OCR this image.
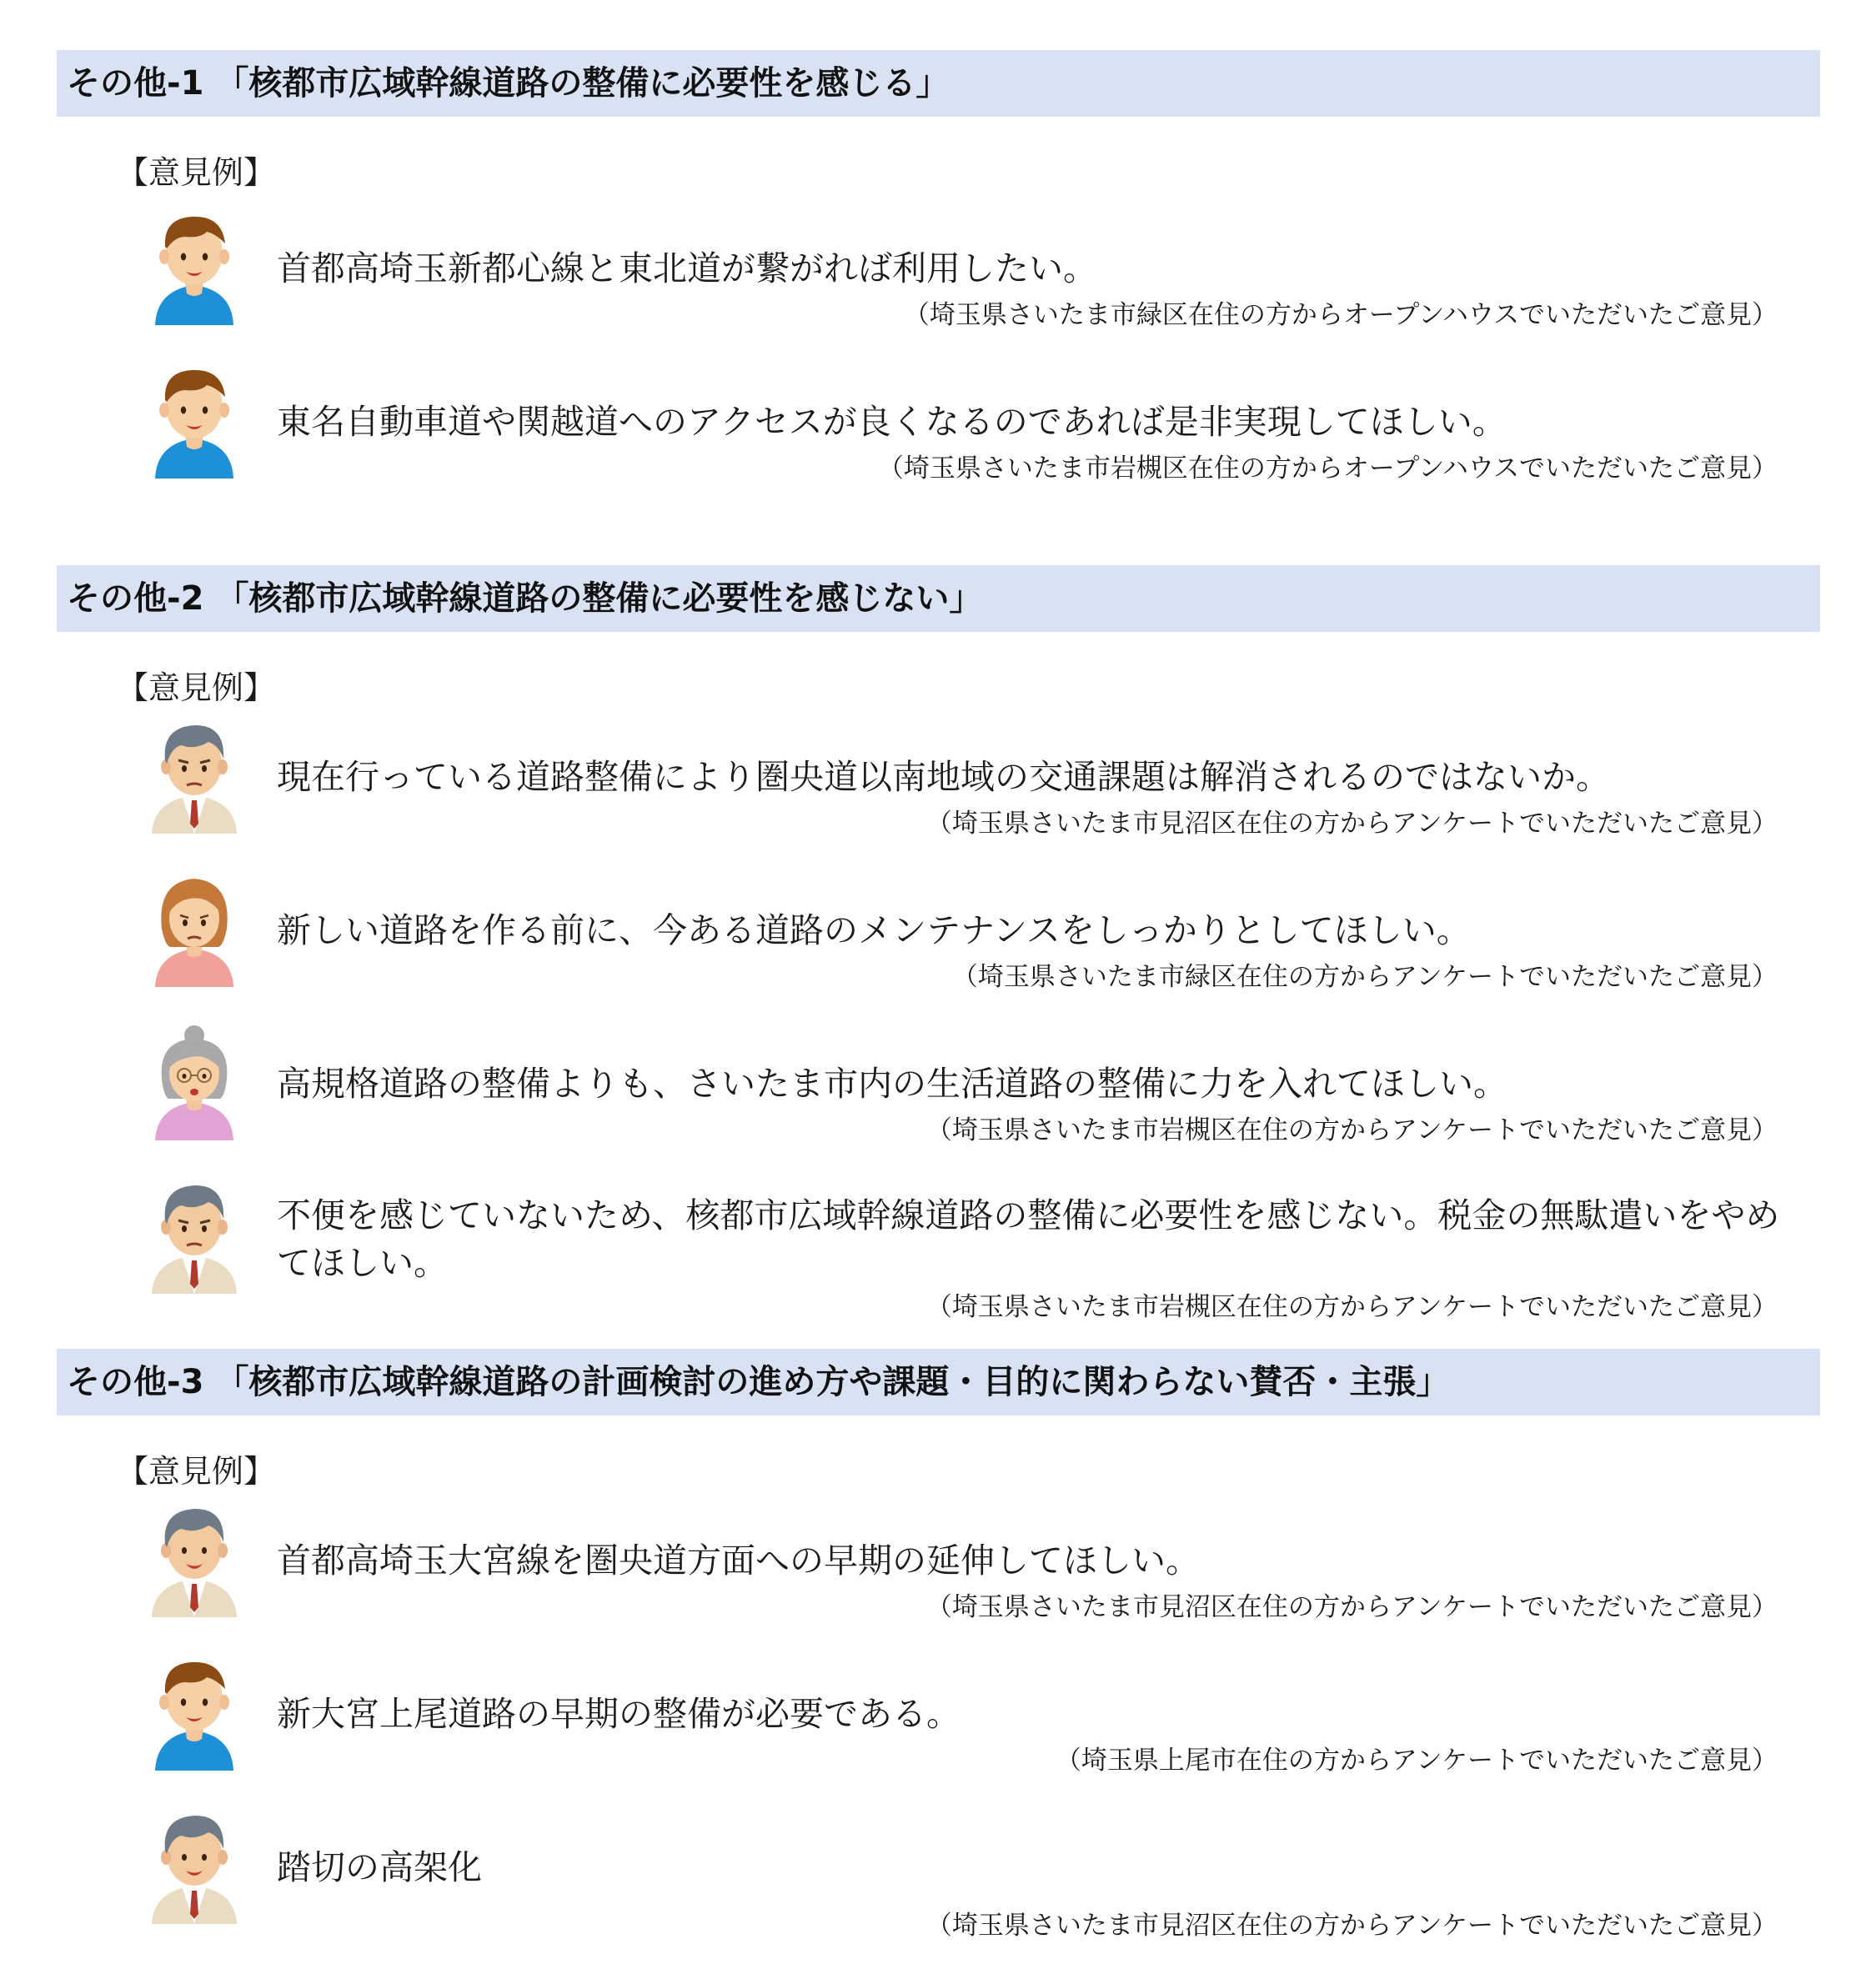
その他-1 「核都市広域幹線道路の整備に必要性を感じる」
【意見例】
首都高埼玉新都心線と東北道が繋がれば利用したい。
（埼玉県さいたま市緑区在住の方からオープンハウスでいただいたご意見）
東名自動車道や関越道へのアクセスが良くなるのであれば是非実現してほしい。
（埼玉県さいたま市岩槻区在住の方からオープンハウスでいただいたご意見）
その他-2 「核都市広域幹線道路の整備に必要性を感じない」
【意見例】
現在行っている道路整備により圏央道以南地域の交通課題は解消されるのではないか。
（埼玉県さいたま市見沼区在住の方からアンケートでいただいたご意見）
新しい道路を作る前に、今ある道路のメンテナンスをしっかりとしてほしい。
（埼玉県さいたま市緑区在住の方からアンケートでいただいたご意見）
高規格道路の整備よりも、さいたま市内の生活道路の整備に力を入れてほしい。
（埼玉県さいたま市岩槻区在住の方からアンケートでいただいたご意見）
不便を感じていないため、核都市広域幹線道路の整備に必要性を感じない。税金の無駄遣いをやめてほしい。
（埼玉県さいたま市岩槻区在住の方からアンケートでいただいたご意見）
その他-3 「核都市広域幹線道路の計画検討の進め方や課題・目的に関わらない賛否・主張」
【意見例】
首都高埼玉大宮線を圏央道方面への早期の延伸してほしい。
（埼玉県さいたま市見沼区在住の方からアンケートでいただいたご意見）
新大宮上尾道路の早期の整備が必要である。
（埼玉県上尾市在住の方からアンケートでいただいたご意見）
踏切の高架化
（埼玉県さいたま市見沼区在住の方からアンケートでいただいたご意見）
